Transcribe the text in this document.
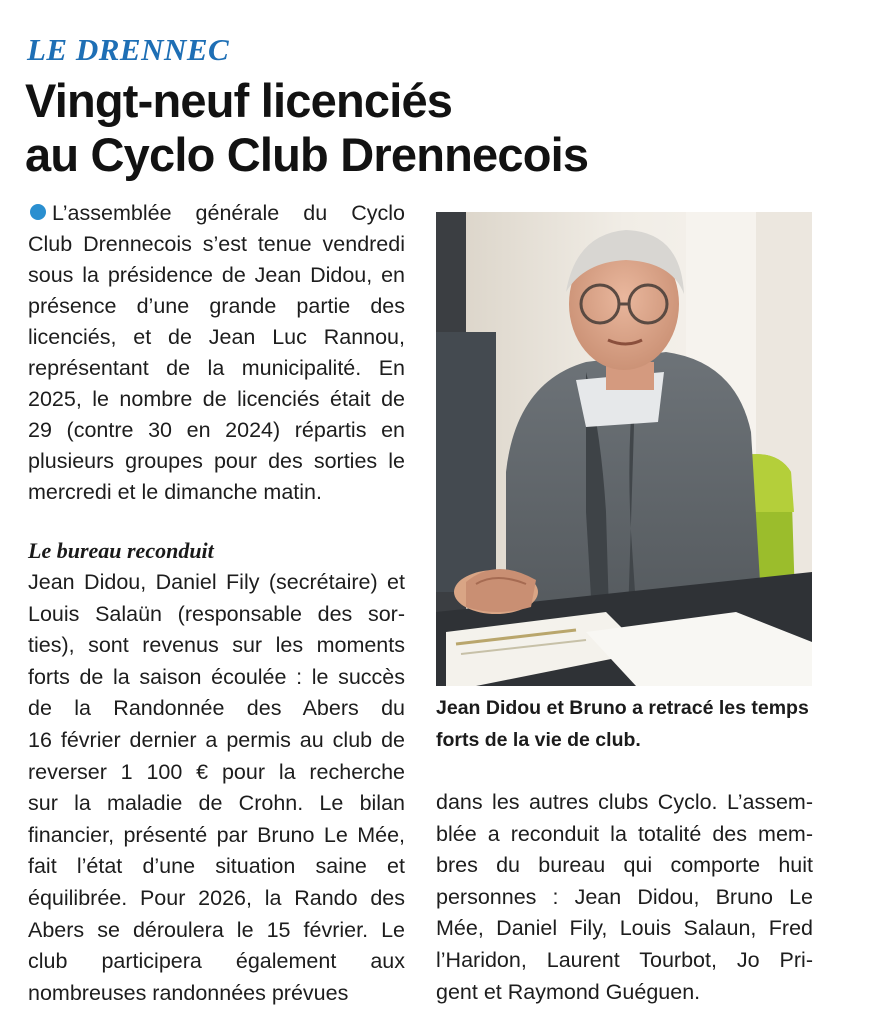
LE DRENNEC
Vingt-neuf licenciés
au Cyclo Club Drennecois
L’assemblée générale du Cyclo
Club Drennecois s’est tenue vendredi
sous la présidence de Jean Didou, en
présence d’une grande partie des
licenciés, et de Jean Luc Rannou,
représentant de la municipalité. En
2025, le nombre de licenciés était de
29 (contre 30 en 2024) répartis en
plusieurs groupes pour des sorties le
mercredi et le dimanche matin.
Le bureau reconduit
Jean Didou, Daniel Fily (secrétaire) et
Louis Salaün (responsable des sor-
ties), sont revenus sur les moments
forts de la saison écoulée : le succès
de la Randonnée des Abers du
16 février dernier a permis au club de
reverser 1 100 € pour la recherche
sur la maladie de Crohn. Le bilan
financier, présenté par Bruno Le Mée,
fait l’état d’une situation saine et
équilibrée. Pour 2026, la Rando des
Abers se déroulera le 15 février. Le
club participera également aux
nombreuses randonnées prévues
Jean Didou et Bruno a retracé les temps
forts de la vie de club.
dans les autres clubs Cyclo. L’assem-
blée a reconduit la totalité des mem-
bres du bureau qui comporte huit
personnes : Jean Didou, Bruno Le
Mée, Daniel Fily, Louis Salaun, Fred
l’Haridon, Laurent Tourbot, Jo Pri-
gent et Raymond Guéguen.
